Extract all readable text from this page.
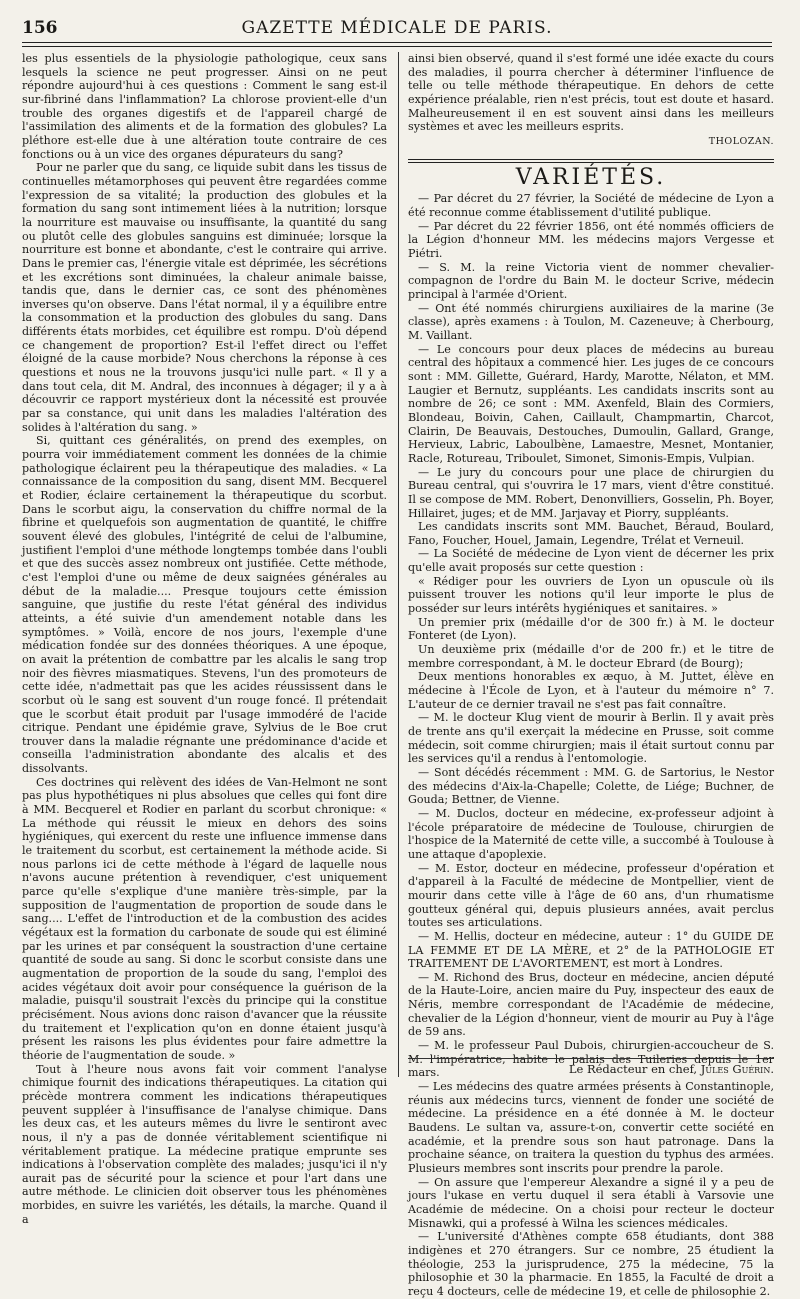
156	GAZETTE MÉDICALE DE PARIS.

les plus essentiels de la physiologie pathologique, ceux sans lesquels la science ne peut progresser. Ainsi on ne peut répondre aujourd'hui à ces questions : Comment le sang est-il sur-fibriné dans l'inflammation? La chlorose provient-elle d'un trouble des organes digestifs et de l'appareil chargé de l'assimilation des aliments et de la formation des globules? La pléthore est-elle due à une altération toute contraire de ces fonctions ou à un vice des organes dépurateurs du sang?

Pour ne parler que du sang, ce liquide subit dans les tissus de continuelles métamorphoses qui peuvent être regardées comme l'expression de sa vitalité; la production des globules et la formation du sang sont intimement liées à la nutrition; lorsque la nourriture est mauvaise ou insuffisante, la quantité du sang ou plutôt celle des globules sanguins est diminuée; lorsque la nourriture est bonne et abondante, c'est le contraire qui arrive. Dans le premier cas, l'énergie vitale est déprimée, les sécrétions et les excrétions sont diminuées, la chaleur animale baisse, tandis que, dans le dernier cas, ce sont des phénomènes inverses qu'on observe. Dans l'état normal, il y a équilibre entre la consommation et la production des globules du sang. Dans différents états morbides, cet équilibre est rompu. D'où dépend ce changement de proportion? Est-il l'effet direct ou l'effet éloigné de la cause morbide? Nous cherchons la réponse à ces questions et nous ne la trouvons jusqu'ici nulle part. « Il y a dans tout cela, dit M. Andral, des inconnues à dégager; il y a à découvrir ce rapport mystérieux dont la nécessité est prouvée par sa constance, qui unit dans les maladies l'altération des solides à l'altération du sang. »

Si, quittant ces généralités, on prend des exemples, on pourra voir immédiatement comment les données de la chimie pathologique éclairent peu la thérapeutique des maladies. « La connaissance de la composition du sang, disent MM. Becquerel et Rodier, éclaire certainement la thérapeutique du scorbut. Dans le scorbut aigu, la conservation du chiffre normal de la fibrine et quelquefois son augmentation de quantité, le chiffre souvent élevé des globules, l'intégrité de celui de l'albumine, justifient l'emploi d'une méthode longtemps tombée dans l'oubli et que des succès assez nombreux ont justifiée. Cette méthode, c'est l'emploi d'une ou même de deux saignées générales au début de la maladie.... Presque toujours cette émission sanguine, que justifie du reste l'état général des individus atteints, a été suivie d'un amendement notable dans les symptômes. » Voilà, encore de nos jours, l'exemple d'une médication fondée sur des données théoriques. A une époque, on avait la prétention de combattre par les alcalis le sang trop noir des fièvres miasmatiques. Stevens, l'un des promoteurs de cette idée, n'admettait pas que les acides réussissent dans le scorbut où le sang est souvent d'un rouge foncé. Il prétendait que le scorbut était produit par l'usage immodéré de l'acide citrique. Pendant une épidémie grave, Sylvius de le Boe crut trouver dans la maladie régnante une prédominance d'acide et conseilla l'administration abondante des alcalis et des dissolvants.

Ces doctrines qui relèvent des idées de Van-Helmont ne sont pas plus hypothétiques ni plus absolues que celles qui font dire à MM. Becquerel et Rodier en parlant du scorbut chronique: « La méthode qui réussit le mieux en dehors des soins hygiéniques, qui exercent du reste une influence immense dans le traitement du scorbut, est certainement la méthode acide. Si nous parlons ici de cette méthode à l'égard de laquelle nous n'avons aucune prétention à revendiquer, c'est uniquement parce qu'elle s'explique d'une manière très-simple, par la supposition de l'augmentation de proportion de soude dans le sang.... L'effet de l'introduction et de la combustion des acides végétaux est la formation du carbonate de soude qui est éliminé par les urines et par conséquent la soustraction d'une certaine quantité de soude au sang. Si donc le scorbut consiste dans une augmentation de proportion de la soude du sang, l'emploi des acides végétaux doit avoir pour conséquence la guérison de la maladie, puisqu'il soustrait l'excès du principe qui la constitue précisément. Nous avions donc raison d'avancer que la réussite du traitement et l'explication qu'on en donne étaient jusqu'à présent les raisons les plus évidentes pour faire admettre la théorie de l'augmentation de soude. »

Tout à l'heure nous avons fait voir comment l'analyse chimique fournit des indications thérapeutiques. La citation qui précède montrera comment les indications thérapeutiques peuvent suppléer à l'insuffisance de l'analyse chimique. Dans les deux cas, et les auteurs mêmes du livre le sentiront avec nous, il n'y a pas de donnée véritablement scientifique ni véritablement pratique. La médecine pratique emprunte ses indications à l'observation complète des malades; jusqu'ici il n'y aurait pas de sécurité pour la science et pour l'art dans une autre méthode. Le clinicien doit observer tous les phénomènes morbides, en suivre les variétés, les détails, la marche. Quand il a

ainsi bien observé, quand il s'est formé une idée exacte du cours des maladies, il pourra chercher à déterminer l'influence de telle ou telle méthode thérapeutique. En dehors de cette expérience préalable, rien n'est précis, tout est doute et hasard. Malheureusement il en est souvent ainsi dans les meilleurs systèmes et avec les meilleurs esprits.

THOLOZAN.
VARIÉTÉS.

— Par décret du 27 février, la Société de médecine de Lyon a été reconnue comme établissement d'utilité publique.

— Par décret du 22 février 1856, ont été nommés officiers de la Légion d'honneur MM. les médecins majors Vergesse et Piétri.

— S. M. la reine Victoria vient de nommer chevalier-compagnon de l'ordre du Bain M. le docteur Scrive, médecin principal à l'armée d'Orient.

— Ont été nommés chirurgiens auxiliaires de la marine (3e classe), après examens : à Toulon, M. Cazeneuve; à Cherbourg, M. Vaillant.

— Le concours pour deux places de médecins au bureau central des hôpitaux a commencé hier. Les juges de ce concours sont : MM. Gillette, Guérard, Hardy, Marotte, Nélaton, et MM. Laugier et Bernutz, suppléants. Les candidats inscrits sont au nombre de 26; ce sont : MM. Axenfeld, Blain des Cormiers, Blondeau, Boivin, Cahen, Caillault, Champmartin, Charcot, Clairin, De Beauvais, Destouches, Dumoulin, Gallard, Grange, Hervieux, Labric, Laboulbène, Lamaestre, Mesnet, Montanier, Racle, Rotureau, Triboulet, Simonet, Simonis-Empis, Vulpian.

— Le jury du concours pour une place de chirurgien du Bureau central, qui s'ouvrira le 17 mars, vient d'être constitué. Il se compose de MM. Robert, Denonvilliers, Gosselin, Ph. Boyer, Hillairet, juges; et de MM. Jarjavay et Piorry, suppléants.

Les candidats inscrits sont MM. Bauchet, Béraud, Boulard, Fano, Foucher, Houel, Jamain, Legendre, Trélat et Verneuil.

— La Société de médecine de Lyon vient de décerner les prix qu'elle avait proposés sur cette question :

« Rédiger pour les ouvriers de Lyon un opuscule où ils puissent trouver les notions qu'il leur importe le plus de posséder sur leurs intérêts hygiéniques et sanitaires. »

Un premier prix (médaille d'or de 300 fr.) à M. le docteur Fonteret (de Lyon).

Un deuxième prix (médaille d'or de 200 fr.) et le titre de membre correspondant, à M. le docteur Ebrard (de Bourg);

Deux mentions honorables ex æquo, à M. Juttet, élève en médecine à l'École de Lyon, et à l'auteur du mémoire n° 7. L'auteur de ce dernier travail ne s'est pas fait connaître.

— M. le docteur Klug vient de mourir à Berlin. Il y avait près de trente ans qu'il exerçait la médecine en Prusse, soit comme médecin, soit comme chirurgien; mais il était surtout connu par les services qu'il a rendus à l'entomologie.

— Sont décédés récemment : MM. G. de Sartorius, le Nestor des médecins d'Aix-la-Chapelle; Colette, de Liége; Buchner, de Gouda; Bettner, de Vienne.

— M. Duclos, docteur en médecine, ex-professeur adjoint à l'école préparatoire de médecine de Toulouse, chirurgien de l'hospice de la Maternité de cette ville, a succombé à Toulouse à une attaque d'apoplexie.

— M. Estor, docteur en médecine, professeur d'opération et d'appareil à la Faculté de médecine de Montpellier, vient de mourir dans cette ville à l'âge de 60 ans, d'un rhumatisme goutteux général qui, depuis plusieurs années, avait perclus toutes ses articulations.

— M. Hellis, docteur en médecine, auteur : 1° du GUIDE DE LA FEMME ET DE LA MÈRE, et 2° de la PATHOLOGIE ET TRAITEMENT DE L'AVORTEMENT, est mort à Londres.

— M. Richond des Brus, docteur en médecine, ancien député de la Haute-Loire, ancien maire du Puy, inspecteur des eaux de Néris, membre correspondant de l'Académie de médecine, chevalier de la Légion d'honneur, vient de mourir au Puy à l'âge de 59 ans.

— M. le professeur Paul Dubois, chirurgien-accoucheur de S. M. l'impératrice, habite le palais des Tuileries depuis le 1er mars.

— Les médecins des quatre armées présents à Constantinople, réunis aux médecins turcs, viennent de fonder une société de médecine. La présidence en a été donnée à M. le docteur Baudens. Le sultan va, assure-t-on, convertir cette société en académie, et la prendre sous son haut patronage. Dans la prochaine séance, on traitera la question du typhus des armées. Plusieurs membres sont inscrits pour prendre la parole.

— On assure que l'empereur Alexandre a signé il y a peu de jours l'ukase en vertu duquel il sera établi à Varsovie une Académie de médecine. On a choisi pour recteur le docteur Misnawki, qui a professé à Wilna les sciences médicales.

— L'université d'Athènes compte 658 étudiants, dont 388 indigènes et 270 étrangers. Sur ce nombre, 25 étudient la théologie, 253 la jurisprudence, 275 la médecine, 75 la philosophie et 30 la pharmacie. En 1855, la Faculté de droit a reçu 4 docteurs, celle de médecine 19, et celle de philosophie 2.

Le Rédacteur en chef, Jules Guérin.
